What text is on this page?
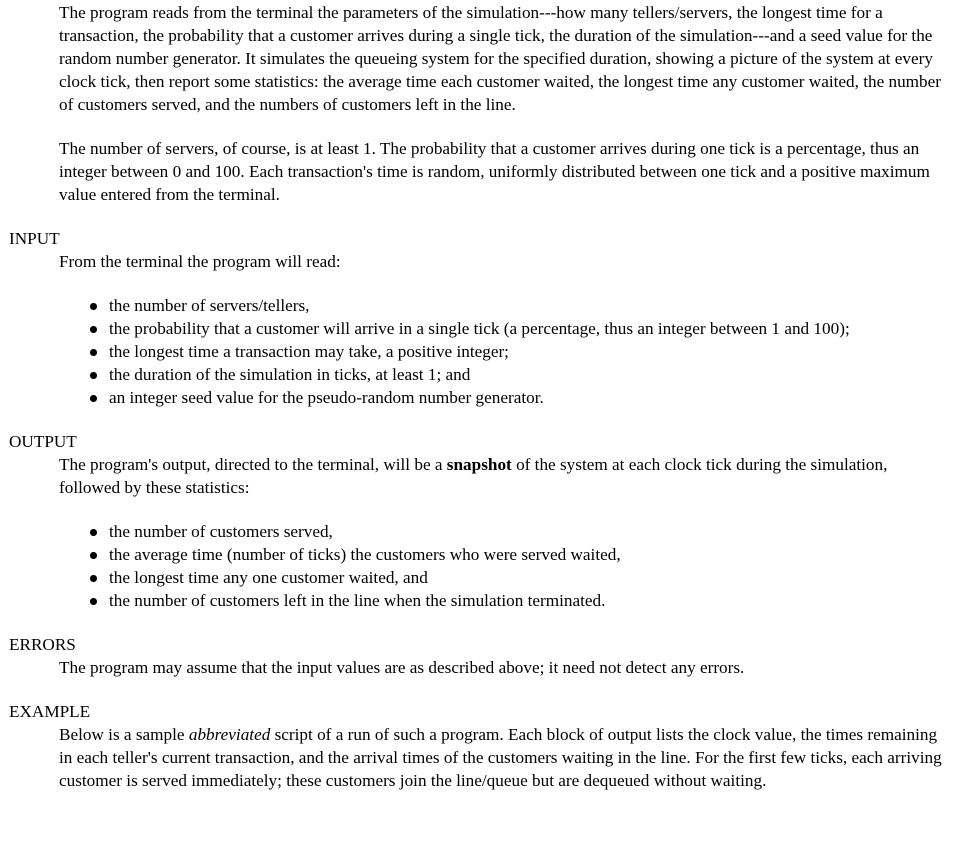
The program reads from the terminal the parameters of the simulation---how many tellers/servers, the longest time for a transaction, the probability that a customer arrives during a single tick, the duration of the simulation---and a seed value for the random number generator. It simulates the queueing system for the specified duration, showing a picture of the system at every clock tick, then report some statistics: the average time each customer waited, the longest time any customer waited, the number of customers served, and the numbers of customers left in the line.

The number of servers, of course, is at least 1. The probability that a customer arrives during one tick is a percentage, thus an integer between 0 and 100. Each transaction's time is random, uniformly distributed between one tick and a positive maximum value entered from the terminal.

INPUT

From the terminal the program will read:

the number of servers/tellers,
the probability that a customer will arrive in a single tick (a percentage, thus an integer between 1 and 100);
the longest time a transaction may take, a positive integer;
the duration of the simulation in ticks, at least 1; and
an integer seed value for the pseudo-random number generator.
OUTPUT

The program's output, directed to the terminal, will be a snapshot of the system at each clock tick during the simulation, followed by these statistics:

the number of customers served,
the average time (number of ticks) the customers who were served waited,
the longest time any one customer waited, and
the number of customers left in the line when the simulation terminated.
ERRORS

The program may assume that the input values are as described above; it need not detect any errors.

EXAMPLE

Below is a sample abbreviated script of a run of such a program. Each block of output lists the clock value, the times remaining in each teller's current transaction, and the arrival times of the customers waiting in the line. For the first few ticks, each arriving customer is served immediately; these customers join the line/queue but are dequeued without waiting.
